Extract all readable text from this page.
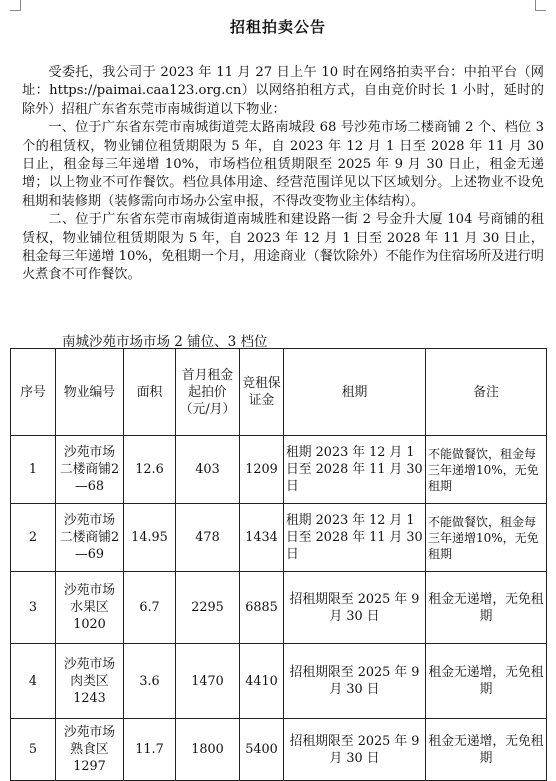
招租拍卖公告

受委托，我公司于 2023 年 11 月 27 日上午 10 时在网络拍卖平台：中拍平台（网址：https://paimai.caa123.org.cn）以网络拍租方式，自由竞价时长 1 小时，延时的除外）招租广东省东莞市南城街道以下物业：

一、位于广东省东莞市南城街道莞太路南城段 68 号沙苑市场二楼商铺 2 个、档位 3 个的租赁权，物业铺位租赁期限为 5 年，自 2023 年 12 月 1 日至 2028 年 11 月 30 日止，租金每三年递增 10%，市场档位租赁期限至 2025 年 9 月 30 日止，租金无递增；以上物业不可作餐饮。档位具体用途、经营范围详见以下区域划分。上述物业不设免租期和装修期（装修需向市场办公室申报，不得改变物业主体结构）。

二、位于广东省东莞市南城街道南城胜和建设路一街 2 号金升大厦 104 号商铺的租赁权，物业铺位租赁期限为 5 年，自 2023 年 12 月 1 日至 2028 年 11 月 30 日止，租金每三年递增 10%，免租期一个月，用途商业（餐饮除外）不能作为住宿场所及进行明火煮食不可作餐饮。

南城沙苑市场市场 2 铺位、3 档位
序号	物业编号	面积	首月租金起拍价（元/月）	竞租保证金	租期	备注
1	沙苑市场二楼商铺2—68	12.6	403	1209	租期 2023 年 12 月 1 日至 2028 年 11 月 30 日	不能做餐饮，租金每三年递增10%，无免租期
2	沙苑市场二楼商铺2—69	14.95	478	1434	租期 2023 年 12 月 1 日至 2028 年 11 月 30 日	不能做餐饮，租金每三年递增10%，无免租期
3	沙苑市场水果区1020	6.7	2295	6885	招租期限至 2025 年 9 月 30 日	租金无递增，无免租期
4	沙苑市场肉类区1243	3.6	1470	4410	招租期限至 2025 年 9 月 30 日	租金无递增，无免租期
5	沙苑市场熟食区1297	11.7	1800	5400	招租期限至 2025 年 9 月 30 日	租金无递增，无免租期
